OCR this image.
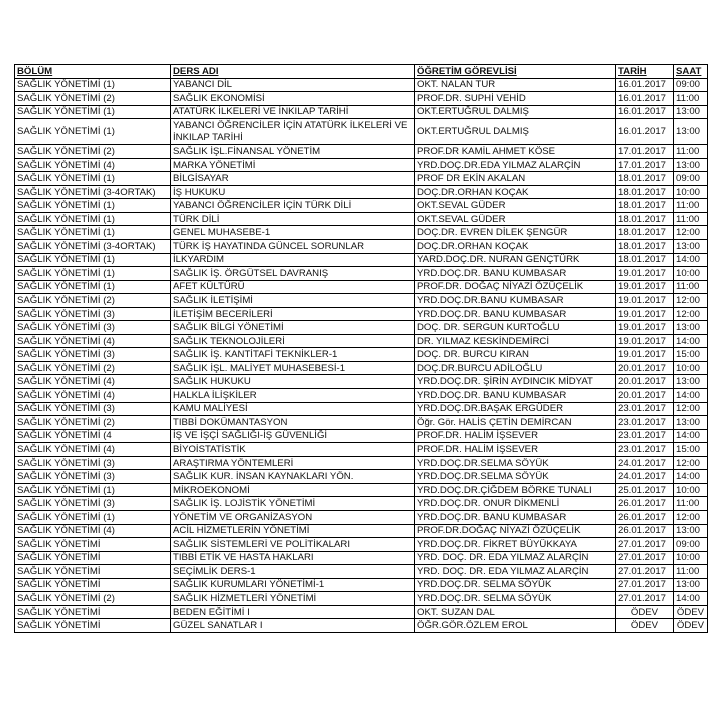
BÖLÜM	DERS ADI	ÖĞRETİM GÖREVLİSİ	TARİH	SAAT
SAĞLIK YÖNETİMİ (1)	YABANCI DİL	OKT. NALAN TUR	16.01.2017	09:00
SAĞLIK YÖNETİMİ (2)	SAĞLIK EKONOMİSİ	PROF.DR. SUPHİ VEHİD	16.01.2017	11:00
SAĞLIK YÖNETİMİ (1)	ATATÜRK İLKELERİ VE İNKILAP TARİHİ	OKT.ERTUĞRUL DALMIŞ	16.01.2017	13:00
SAĞLIK YÖNETİMİ (1)	YABANCI ÖĞRENCİLER İÇİN ATATÜRK İLKELERİ VE İNKILAP TARİHİ	OKT.ERTUĞRUL DALMIŞ	16.01.2017	13:00
SAĞLIK YÖNETİMİ (2)	SAĞLIK İŞL.FİNANSAL YÖNETİM	PROF.DR KAMİL AHMET KÖSE	17.01.2017	11:00
SAĞLIK YÖNETİMİ (4)	MARKA YÖNETİMİ	YRD.DOÇ.DR.EDA YILMAZ ALARÇİN	17.01.2017	13:00
SAĞLIK YÖNETİMİ (1)	BİLGİSAYAR	PROF DR EKİN AKALAN	18.01.2017	09:00
SAĞLIK YÖNETİMİ (3-4ORTAK)	İŞ HUKUKU	DOÇ.DR.ORHAN KOÇAK	18.01.2017	10:00
SAĞLIK YÖNETİMİ (1)	YABANCI ÖĞRENCİLER İÇİN TÜRK DİLİ	OKT.SEVAL GÜDER	18.01.2017	11:00
SAĞLIK YÖNETİMİ (1)	TÜRK DİLİ	OKT.SEVAL GÜDER	18.01.2017	11:00
SAĞLIK YÖNETİMİ (1)	GENEL MUHASEBE-1	DOÇ.DR. EVREN DİLEK ŞENGÜR	18.01.2017	12:00
SAĞLIK YÖNETİMİ (3-4ORTAK)	TÜRK İŞ HAYATINDA GÜNCEL SORUNLAR	DOÇ.DR.ORHAN KOÇAK	18.01.2017	13:00
SAĞLIK YÖNETİMİ (1)	İLKYARDIM	YARD.DOÇ.DR. NURAN GENÇTÜRK	18.01.2017	14:00
SAĞLIK YÖNETİMİ (1)	SAĞLIK İŞ. ÖRGÜTSEL DAVRANIŞ	YRD.DOÇ.DR. BANU KUMBASAR	19.01.2017	10:00
SAĞLIK YÖNETİMİ (1)	AFET KÜLTÜRÜ	PROF.DR. DOĞAÇ NİYAZİ ÖZÜÇELİK	19.01.2017	11:00
SAĞLIK YÖNETİMİ (2)	SAĞLIK İLETİŞİMİ	YRD.DOÇ.DR.BANU KUMBASAR	19.01.2017	12:00
SAĞLIK YÖNETİMİ (3)	İLETİŞİM BECERİLERİ	YRD.DOÇ.DR. BANU KUMBASAR	19.01.2017	12:00
SAĞLIK YÖNETİMİ (3)	SAĞLIK BİLGİ YÖNETİMİ	DOÇ. DR. SERGUN KURTOĞLU	19.01.2017	13:00
SAĞLIK YÖNETİMİ (4)	SAĞLIK TEKNOLOJİLERİ	DR. YILMAZ KESKİNDEMİRCİ	19.01.2017	14:00
SAĞLIK YÖNETİMİ (3)	SAĞLIK İŞ. KANTİTAFİ TEKNİKLER-1	DOÇ. DR. BURCU KIRAN	19.01.2017	15:00
SAĞLIK YÖNETİMİ (2)	SAĞLIK İŞL. MALİYET MUHASEBESİ-1	DOÇ.DR.BURCU ADİLOĞLU	20.01.2017	10:00
SAĞLIK YÖNETİMİ (4)	SAĞLIK HUKUKU	YRD.DOÇ.DR. ŞİRİN AYDINCIK MİDYAT	20.01.2017	13:00
SAĞLIK YÖNETİMİ (4)	HALKLA İLİŞKİLER	YRD.DOÇ.DR. BANU KUMBASAR	20.01.2017	14:00
SAĞLIK YÖNETİMİ (3)	KAMU MALİYESİ	YRD.DOÇ.DR.BAŞAK ERGÜDER	23.01.2017	12:00
SAĞLIK YÖNETİMİ (2)	TIBBİ DOKÜMANTASYON	Öğr. Gör. HALİS ÇETİN DEMİRCAN	23.01.2017	13:00
SAĞLIK YÖNETİMİ (4	İŞ VE İŞÇİ SAĞLIĞI-İŞ GÜVENLİĞİ	PROF.DR. HALİM İŞSEVER	23.01.2017	14:00
SAĞLIK YÖNETİMİ (4)	BİYOİSTATİSTİK	PROF.DR. HALİM İŞSEVER	23.01.2017	15:00
SAĞLIK YÖNETİMİ (3)	ARAŞTIRMA YÖNTEMLERİ	YRD.DOÇ.DR.SELMA SÖYÜK	24.01.2017	12:00
SAĞLIK YÖNETİMİ (3)	SAĞLIK KUR. İNSAN KAYNAKLARI YÖN.	YRD.DOÇ.DR.SELMA SÖYÜK	24.01.2017	14:00
SAĞLIK YÖNETİMİ (1)	MİKROEKONOMİ	YRD.DOÇ.DR.ÇİĞDEM BÖRKE TUNALI	25.01.2017	10:00
SAĞLIK YÖNETİMİ (3)	SAĞLIK İŞ. LOJİSTİK YÖNETİMİ	YRD.DOÇ.DR. ONUR DİKMENLİ	26.01.2017	11:00
SAĞLIK YÖNETİMİ (1)	YÖNETİM VE ORGANİZASYON	YRD.DOÇ.DR. BANU KUMBASAR	26.01.2017	12:00
SAĞLIK YÖNETİMİ (4)	ACİL HİZMETLERİN YÖNETİMİ	PROF.DR.DOĞAÇ NİYAZİ ÖZÜÇELİK	26.01.2017	13:00
SAĞLIK YÖNETİMİ	SAĞLIK SİSTEMLERİ VE POLİTİKALARI	YRD.DOÇ.DR. FİKRET BÜYÜKKAYA	27.01.2017	09:00
SAĞLIK YÖNETİMİ	TIBBİ ETİK VE HASTA HAKLARI	YRD. DOÇ. DR. EDA YILMAZ ALARÇİN	27.01.2017	10:00
SAĞLIK YÖNETİMİ	SEÇİMLİK DERS-1	YRD. DOÇ. DR. EDA YILMAZ ALARÇİN	27.01.2017	11:00
SAĞLIK YÖNETİMİ	SAĞLIK KURUMLARI YÖNETİMİ-1	YRD.DOÇ.DR. SELMA SÖYÜK	27.01.2017	13:00
SAĞLIK YÖNETİMİ (2)	SAĞLIK HİZMETLERİ YÖNETİMİ	YRD.DOÇ.DR. SELMA SÖYÜK	27.01.2017	14:00
SAĞLIK YÖNETİMİ	BEDEN EĞİTİMİ I	OKT. SUZAN DAL	ÖDEV	ÖDEV
SAĞLIK YÖNETİMİ	GÜZEL SANATLAR I	ÖĞR.GÖR.ÖZLEM EROL	ÖDEV	ÖDEV
